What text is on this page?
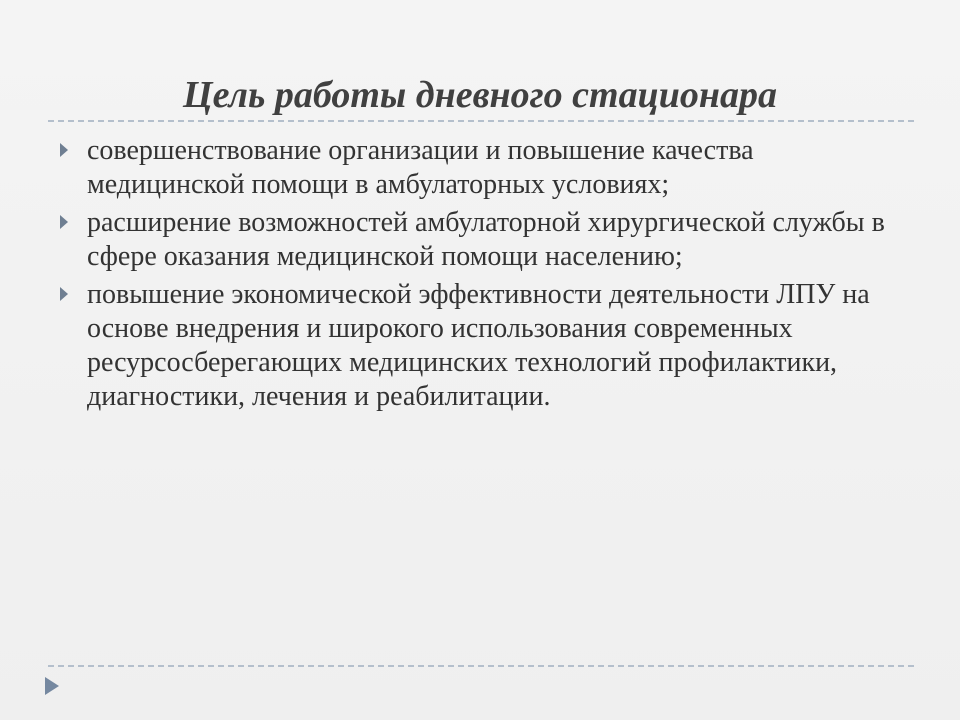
Цель работы дневного стационара
совершенствование организации и повышение качества медицинской помощи в амбулаторных условиях;
расширение возможностей амбулаторной хирургической службы в сфере оказания медицинской помощи населению;
повышение экономической эффективности деятельности ЛПУ на основе внедрения и широкого использования современных ресурсосберегающих медицинских технологий профилактики, диагностики, лечения и реабилитации.
